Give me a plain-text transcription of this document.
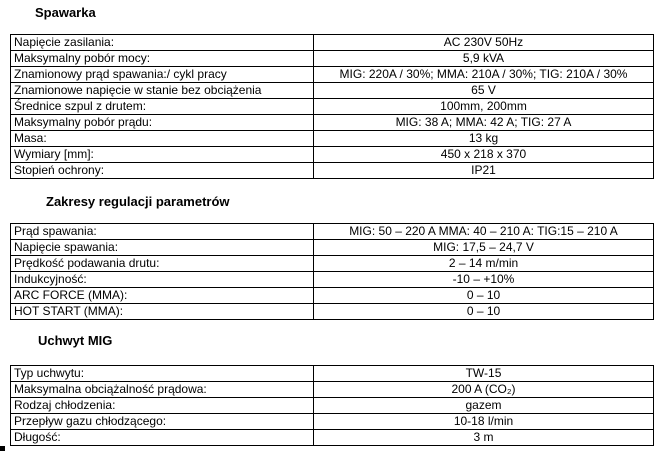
Spawarka
Napięcie zasilania:	AC 230V 50Hz
Maksymalny pobór mocy:	5,9 kVA
Znamionowy prąd spawania:/ cykl pracy	MIG: 220A / 30%; MMA: 210A / 30%; TIG: 210A / 30%
Znamionowe napięcie w stanie bez obciążenia	65 V
Średnice szpul z drutem:	100mm, 200mm
Maksymalny pobór prądu:	MIG: 38 A; MMA: 42 A; TIG: 27 A
Masa:	13 kg
Wymiary [mm]:	450 x 218 x 370
Stopień ochrony:	IP21
Zakresy regulacji parametrów
Prąd spawania:	MIG: 50 – 220 A MMA: 40 – 210 A: TIG:15 – 210 A
Napięcie spawania:	MIG: 17,5 – 24,7 V
Prędkość podawania drutu:	2 – 14 m/min
Indukcyjność:	-10 – +10%
ARC FORCE (MMA):	0 – 10
HOT START (MMA):	0 – 10
Uchwyt MIG
Typ uchwytu:	TW-15
Maksymalna obciążalność prądowa:	200 A (CO₂)
Rodzaj chłodzenia:	gazem
Przepływ gazu chłodzącego:	10-18 l/min
Długość:	3 m
